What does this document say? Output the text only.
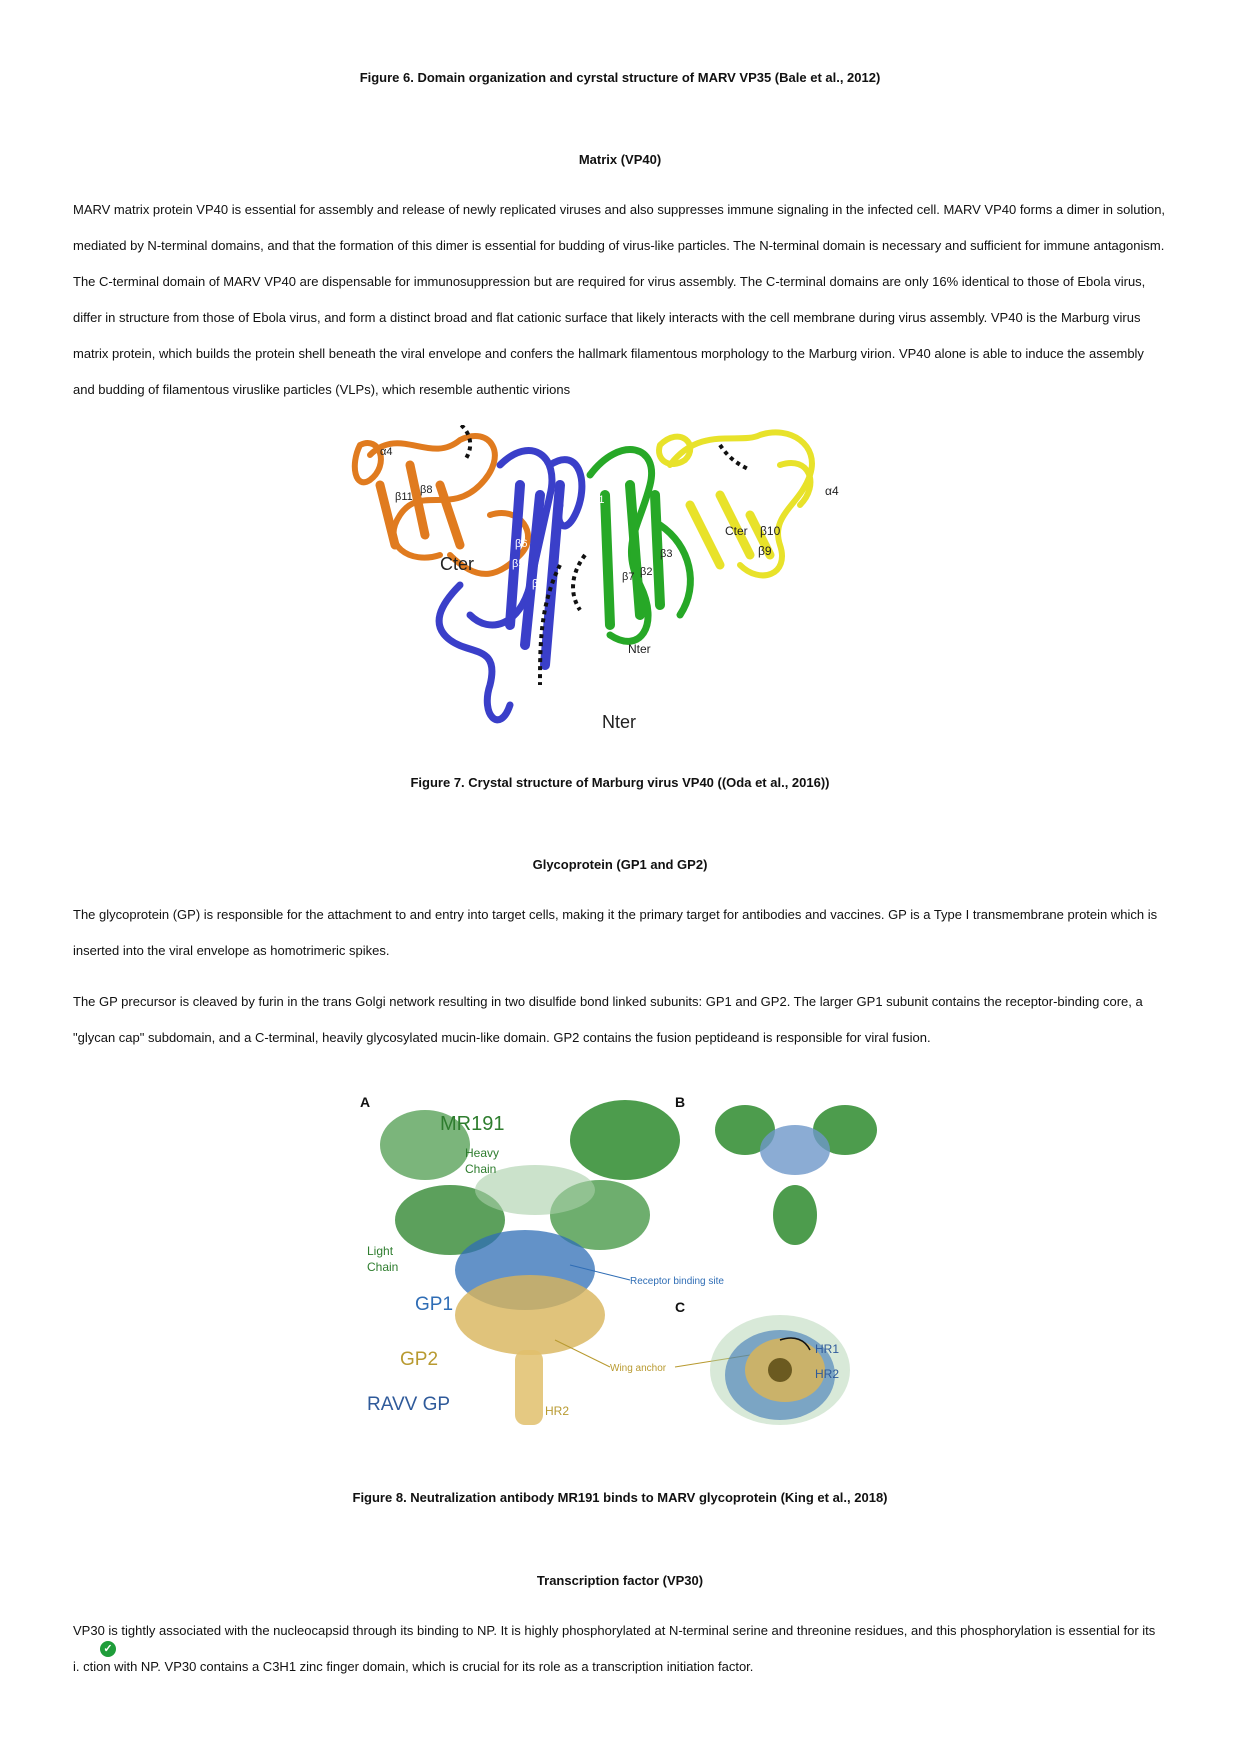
Figure 6. Domain organization and cyrstal structure of MARV VP35 (Bale et al., 2012)
Matrix (VP40)
MARV matrix protein VP40 is essential for assembly and release of newly replicated viruses and also suppresses immune signaling in the infected cell. MARV VP40 forms a dimer in solution, mediated by N-terminal domains, and that the formation of this dimer is essential for budding of virus-like particles. The N-terminal domain is necessary and sufficient for immune antagonism. The C-terminal domain of MARV VP40 are dispensable for immunosuppression but are required for virus assembly. The C-terminal domains are only 16% identical to those of Ebola virus, differ in structure from those of Ebola virus, and form a distinct broad and flat cationic surface that likely interacts with the cell membrane during virus assembly. VP40 is the Marburg virus matrix protein, which builds the protein shell beneath the viral envelope and confers the hallmark filamentous morphology to the Marburg virion. VP40 alone is able to induce the assembly and budding of filamentous viruslike particles (VLPs), which resemble authentic virions
α4
β11
β8
Cter
β6
β5
β4
α1
β7 β2
β3
Cter β10
β9
α4
Nter
Nter
Figure 7. Crystal structure of Marburg virus VP40 ((Oda et al., 2016))
Glycoprotein (GP1 and GP2)
The glycoprotein (GP) is responsible for the attachment to and entry into target cells, making it the primary target for antibodies and vaccines. GP is a Type I transmembrane protein which is inserted into the viral envelope as homotrimeric spikes.
The GP precursor is cleaved by furin in the trans Golgi network resulting in two disulfide bond linked subunits: GP1 and GP2. The larger GP1 subunit contains the receptor-binding core, a "glycan cap" subdomain, and a C-terminal, heavily glycosylated mucin-like domain. GP2 contains the fusion peptideand is responsible for viral fusion.
A
MR191
Heavy
Chain
Light
Chain
GP1
GP2
RAVV GP
Receptor binding site
Wing anchor
HR2
B
C
HR1
HR2
Figure 8. Neutralization antibody MR191 binds to MARV glycoprotein (King et al., 2018)
Transcription factor (VP30)
VP30 is tightly associated with the nucleocapsid through its binding to NP. It is highly phosphorylated at N-terminal serine and threonine residues, and this phosphorylation is essential for its
i. ction with NP. VP30 contains a C3H1 zinc finger domain, which is crucial for its role as a transcription initiation factor.
✓
